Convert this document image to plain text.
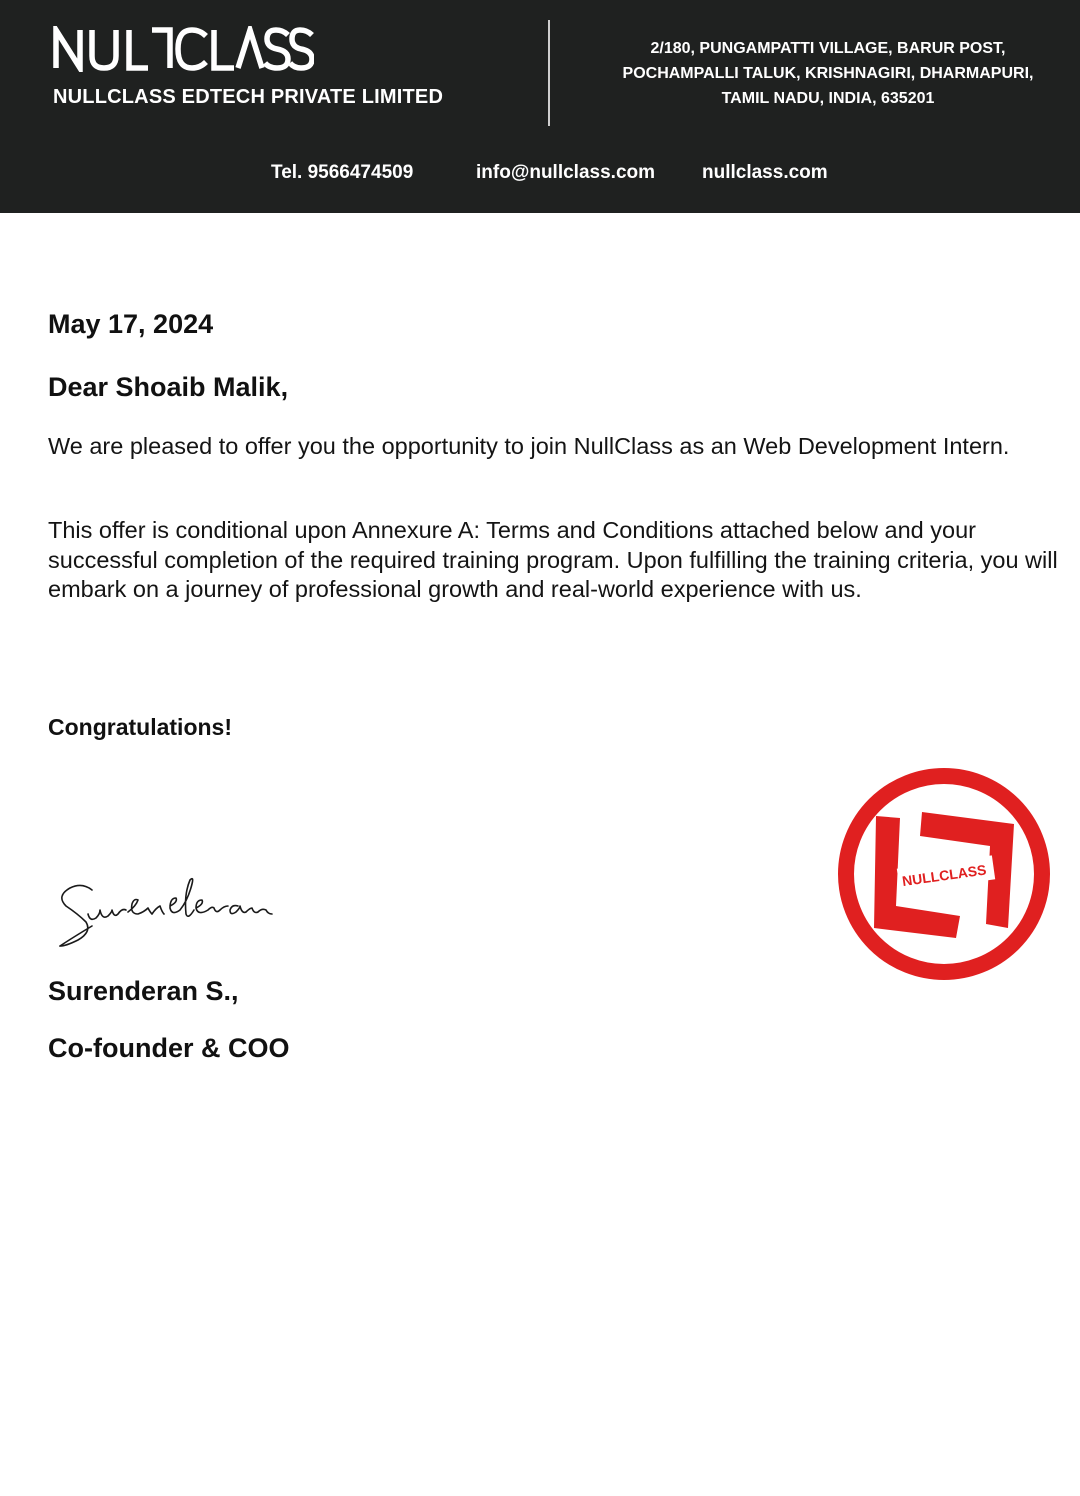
NULLCLASS EDTECH PRIVATE LIMITED
2/180, PUNGAMPATTI VILLAGE, BARUR POST,
POCHAMPALLI TALUK, KRISHNAGIRI, DHARMAPURI,
TAMIL NADU, INDIA, 635201
Tel. 9566474509	info@nullclass.com nullclass.com
May 17, 2024
Dear Shoaib Malik,
We are pleased to offer you the opportunity to join NullClass as an Web Development Intern.
This offer is conditional upon Annexure A: Terms and Conditions attached below and your successful completion of the required training program. Upon fulfilling the training criteria, you will embark on a journey of professional growth and real-world experience with us.
Congratulations!
Surenderan S.,
Co-founder & COO
NULLCLASS
